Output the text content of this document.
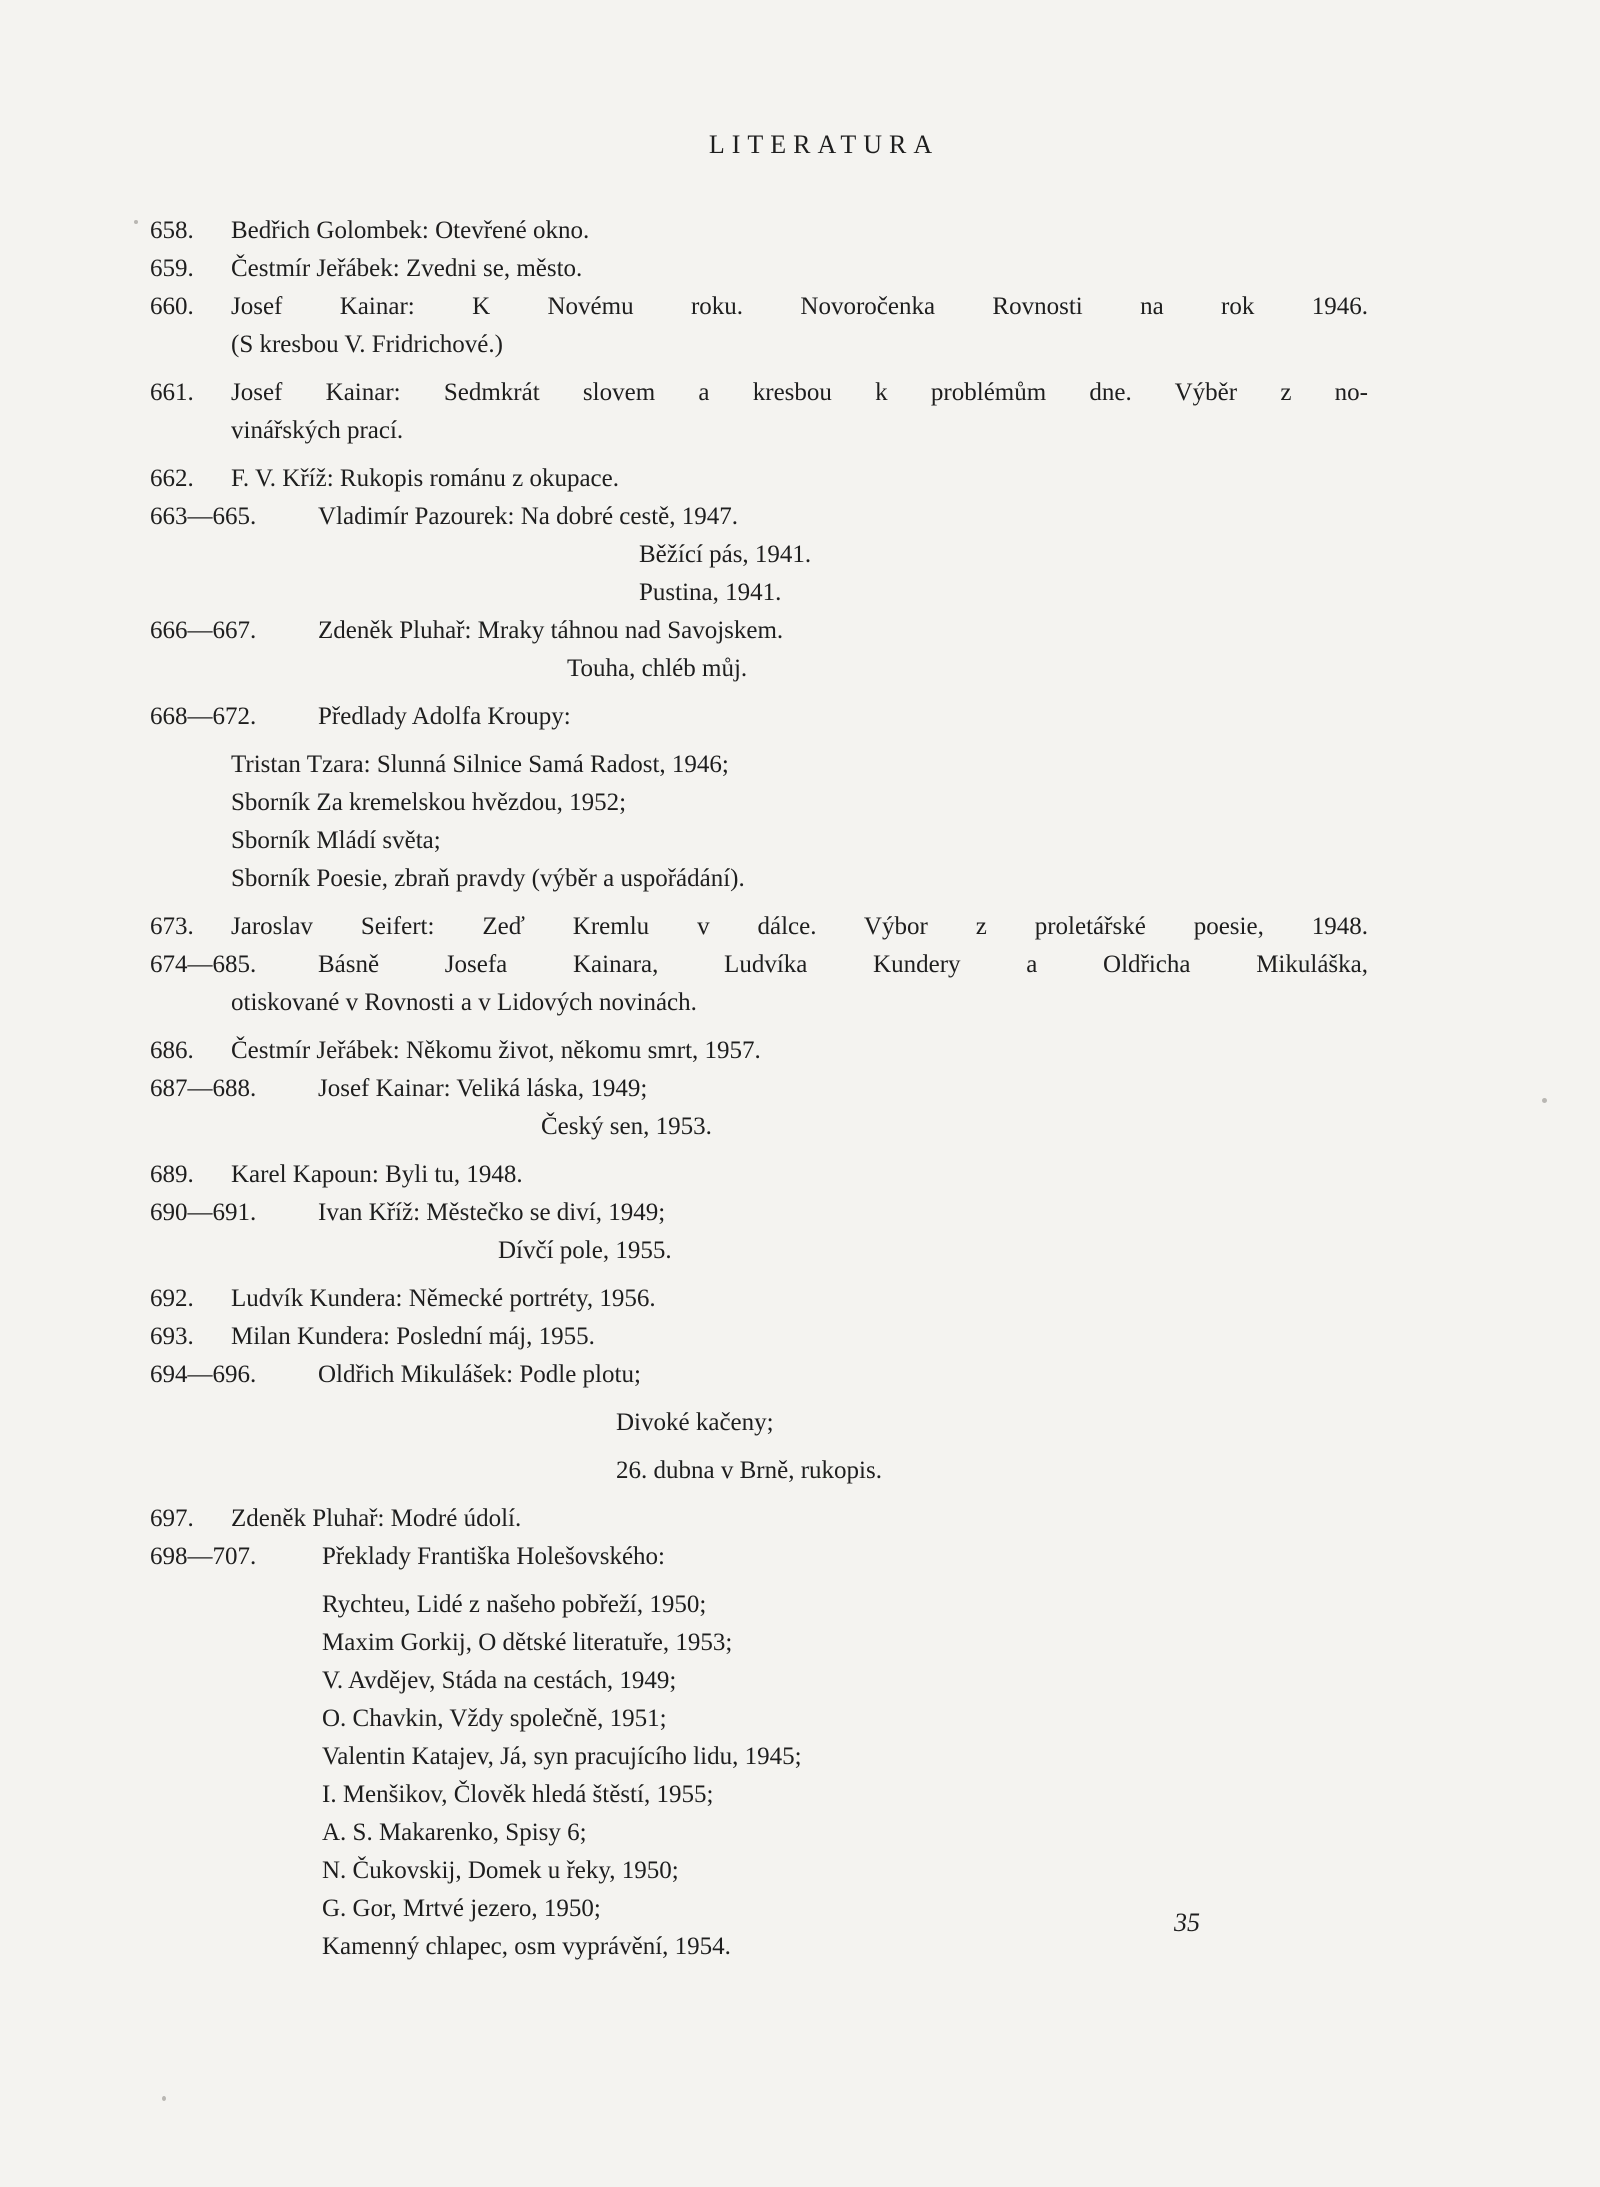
LITERATURA
658. Bedřich Golombek: Otevřené okno.
659. Čestmír Jeřábek: Zvedni se, město.
660. Josef Kainar: K Novému roku. Novoročenka Rovnosti na rok 1946.
(S kresbou V. Fridrichové.)
661. Josef Kainar: Sedmkrát slovem a kresbou k problémům dne. Výběr z no-
vinářských prací.
662. F. V. Kříž: Rukopis románu z okupace.
663—665. Vladimír Pazourek: Na dobré cestě, 1947.
Běžící pás, 1941.
Pustina, 1941.
666—667. Zdeněk Pluhař: Mraky táhnou nad Savojskem.
Touha, chléb můj.
668—672. Předlady Adolfa Kroupy:
Tristan Tzara: Slunná Silnice Samá Radost, 1946;
Sborník Za kremelskou hvězdou, 1952;
Sborník Mládí světa;
Sborník Poesie, zbraň pravdy (výběr a uspořádání).
673. Jaroslav Seifert: Zeď Kremlu v dálce. Výbor z proletářské poesie, 1948.
674—685. Básně Josefa Kainara, Ludvíka Kundery a Oldřicha Mikuláška,
otiskované v Rovnosti a v Lidových novinách.
686. Čestmír Jeřábek: Někomu život, někomu smrt, 1957.
687—688. Josef Kainar: Veliká láska, 1949;
Český sen, 1953.
689. Karel Kapoun: Byli tu, 1948.
690—691. Ivan Kříž: Městečko se diví, 1949;
Dívčí pole, 1955.
692. Ludvík Kundera: Německé portréty, 1956.
693. Milan Kundera: Poslední máj, 1955.
694—696. Oldřich Mikulášek: Podle plotu;
Divoké kačeny;
26. dubna v Brně, rukopis.
697. Zdeněk Pluhař: Modré údolí.
698—707.	Překlady Františka Holešovského:
Rychteu, Lidé z našeho pobřeží, 1950;
Maxim Gorkij, O dětské literatuře, 1953;
V. Avdějev, Stáda na cestách, 1949;
O. Chavkin, Vždy společně, 1951;
Valentin Katajev, Já, syn pracujícího lidu, 1945;
I. Menšikov, Člověk hledá štěstí, 1955;
A. S. Makarenko, Spisy 6;
N. Čukovskij, Domek u řeky, 1950;
G. Gor, Mrtvé jezero, 1950;
Kamenný chlapec, osm vyprávění, 1954.
35
